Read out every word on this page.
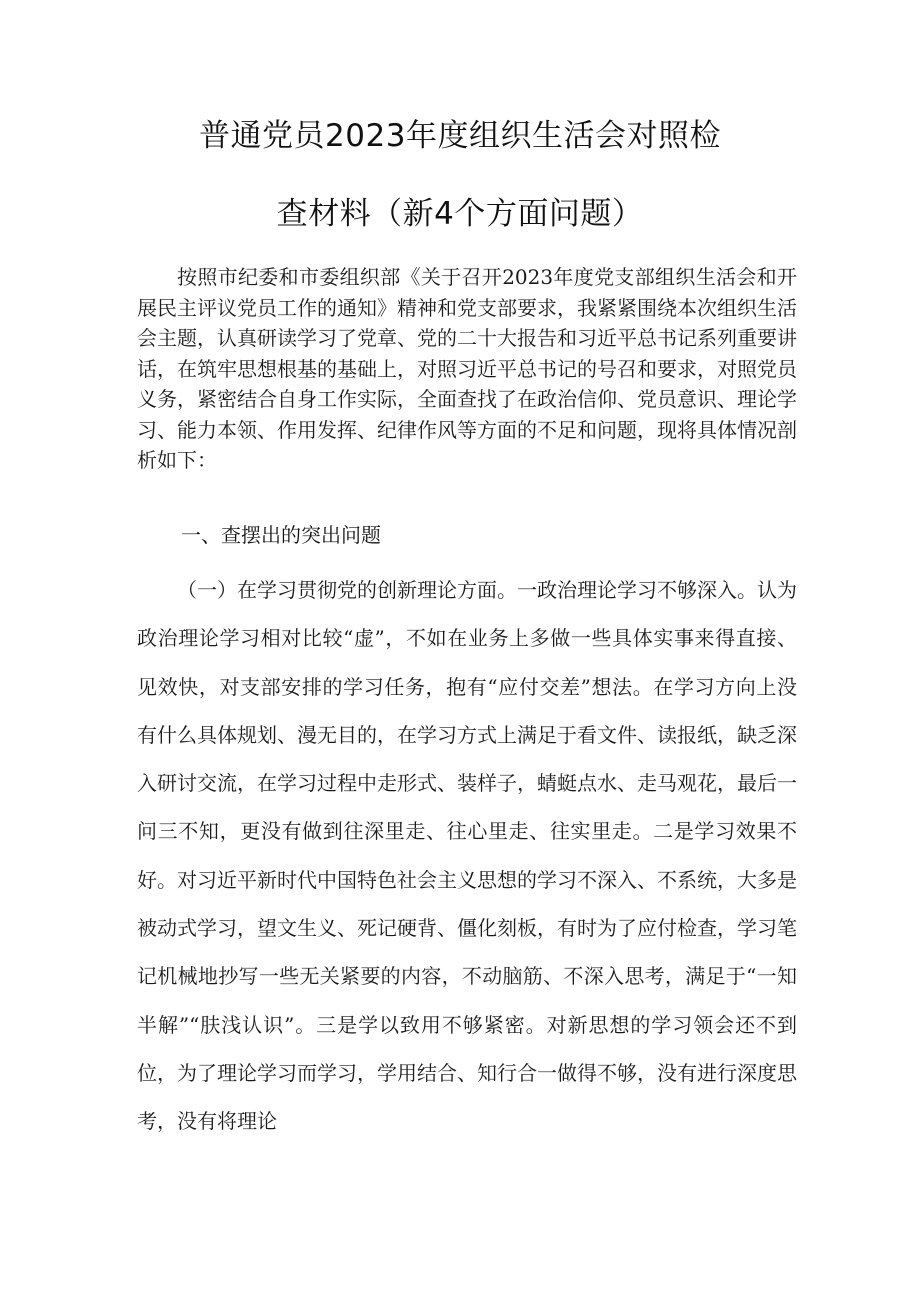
普通党员2023年度组织生活会对照检
查材料（新4个方面问题）

按照市纪委和市委组织部《关于召开2023年度党支部组织生活会和开展民主评议党员工作的通知》精神和党支部要求，我紧紧围绕本次组织生活会主题，认真研读学习了党章、党的二十大报告和习近平总书记系列重要讲话，在筑牢思想根基的基础上，对照习近平总书记的号召和要求，对照党员义务，紧密结合自身工作实际，全面查找了在政治信仰、党员意识、理论学习、能力本领、作用发挥、纪律作风等方面的不足和问题，现将具体情况剖析如下：

一、查摆出的突出问题

（一）在学习贯彻党的创新理论方面。一政治理论学习不够深入。认为政治理论学习相对比较“虚”，不如在业务上多做一些具体实事来得直接、见效快，对支部安排的学习任务，抱有“应付交差”想法。在学习方向上没有什么具体规划、漫无目的，在学习方式上满足于看文件、读报纸，缺乏深入研讨交流，在学习过程中走形式、装样子，蜻蜓点水、走马观花，最后一问三不知，更没有做到往深里走、往心里走、往实里走。二是学习效果不好。对习近平新时代中国特色社会主义思想的学习不深入、不系统，大多是被动式学习，望文生义、死记硬背、僵化刻板，有时为了应付检查，学习笔记机械地抄写一些无关紧要的内容，不动脑筋、不深入思考，满足于“一知半解”“肤浅认识”。三是学以致用不够紧密。对新思想的学习领会还不到位，为了理论学习而学习，学用结合、知行合一做得不够，没有进行深度思考，没有将理论
